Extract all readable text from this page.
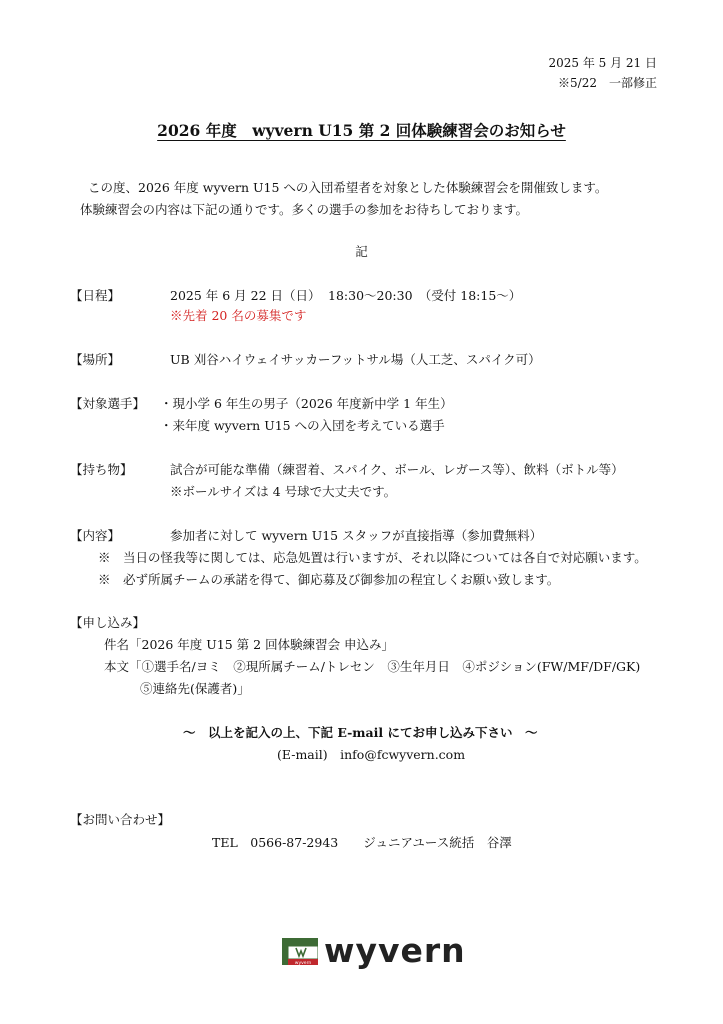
2025 年 5 月 21 日
※5/22　一部修正
2026 年度　wyvern U15 第 2 回体験練習会のお知らせ
この度、2026 年度 wyvern U15 への入団希望者を対象とした体験練習会を開催致します。
体験練習会の内容は下記の通りです。多くの選手の参加をお待ちしております。
記
【日程】	2025 年 6 月 22 日（日） 18:30～20:30　（受付 18:15～）
※先着 20 名の募集です
【場所】	UB 刈谷ハイウェイサッカーフットサル場（人工芝、スパイク可）
【対象選手】 ・現小学 6 年生の男子（2026 年度新中学 1 年生）
・来年度 wyvern U15 への入団を考えている選手
【持ち物】	試合が可能な準備（練習着、スパイク、ボール、レガース等）、飲料（ボトル等）
※ボールサイズは 4 号球で大丈夫です。
【内容】	参加者に対して wyvern U15 スタッフが直接指導（参加費無料）
※　当日の怪我等に関しては、応急処置は行いますが、それ以降については各自で対応願います。
※　必ず所属チームの承諾を得て、御応募及び御参加の程宜しくお願い致します。
【申し込み】
件名「2026 年度 U15 第 2 回体験練習会 申込み」
本文「①選手名/ヨミ　②現所属チーム/トレセン　③生年月日　④ポジション(FW/MF/DF/GK)
⑤連絡先(保護者)」
～　以上を記入の上、下記 E-mail にてお申し込み下さい　～
(E-mail)　info@fcwyvern.com
【お問い合わせ】
TEL　0566-87-2943　　ジュニアユース統括　谷澤
wyvern wyvern
